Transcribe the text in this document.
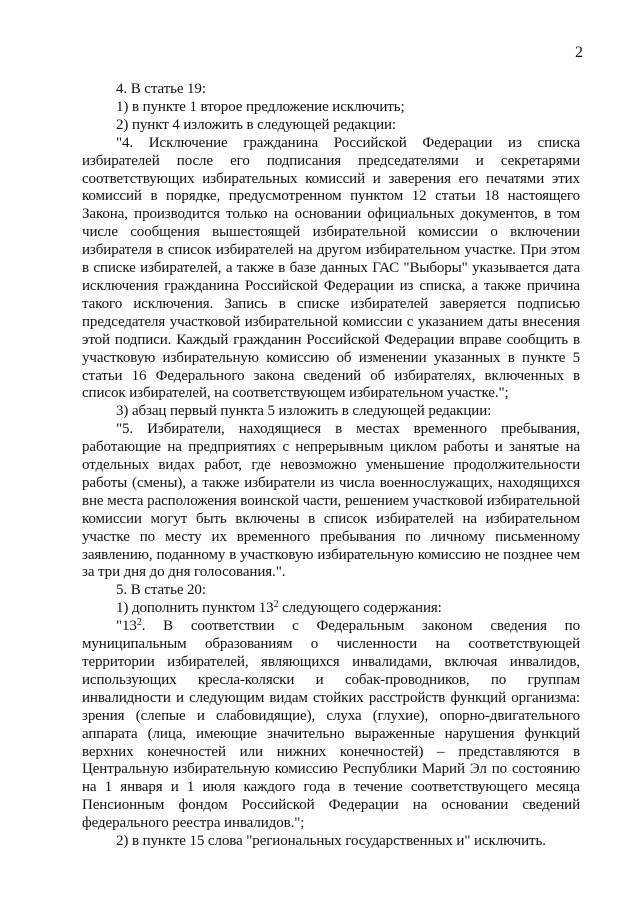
2

4. В статье 19:

1) в пункте 1 второе предложение исключить;

2) пункт 4 изложить в следующей редакции:

"4. Исключение гражданина Российской Федерации из списка избирателей после его подписания председателями и секретарями соответствующих избирательных комиссий и заверения его печатями этих комиссий в порядке, предусмотренном пунктом 12 статьи 18 настоящего Закона, производится только на основании официальных документов, в том числе сообщения вышестоящей избирательной комиссии о включении избирателя в список избирателей на другом избирательном участке. При этом в списке избирателей, а также в базе данных ГАС "Выборы" указывается дата исключения гражданина Российской Федерации из списка, а также причина такого исключения. Запись в списке избирателей заверяется подписью председателя участковой избирательной комиссии с указанием даты внесения этой подписи. Каждый гражданин Российской Федерации вправе сообщить в участковую избирательную комиссию об изменении указанных в пункте 5 статьи 16 Федерального закона сведений об избирателях, включенных в список избирателей, на соответствующем избирательном участке.";

3) абзац первый пункта 5 изложить в следующей редакции:

"5. Избиратели, находящиеся в местах временного пребывания, работающие на предприятиях с непрерывным циклом работы и занятые на отдельных видах работ, где невозможно уменьшение продолжительности работы (смены), а также избиратели из числа военнослужащих, находящихся вне места расположения воинской части, решением участковой избирательной комиссии могут быть включены в список избирателей на избирательном участке по месту их временного пребывания по личному письменному заявлению, поданному в участковую избирательную комиссию не позднее чем за три дня до дня голосования.".

5. В статье 20:

1) дополнить пунктом $13^2$ следующего содержания:

"$13^2$. В соответствии с Федеральным законом сведения по муниципальным образованиям о численности на соответствующей территории избирателей, являющихся инвалидами, включая инвалидов, использующих кресла-коляски и собак-проводников, по группам инвалидности и следующим видам стойких расстройств функций организма: зрения (слепые и слабовидящие), слуха (глухие), опорно-двигательного аппарата (лица, имеющие значительно выраженные нарушения функций верхних конечностей или нижних конечностей) – представляются в Центральную избирательную комиссию Республики Марий Эл по состоянию на 1 января и 1 июля каждого года в течение соответствующего месяца Пенсионным фондом Российской Федерации на основании сведений федерального реестра инвалидов.";

2) в пункте 15 слова "региональных государственных и" исключить.
